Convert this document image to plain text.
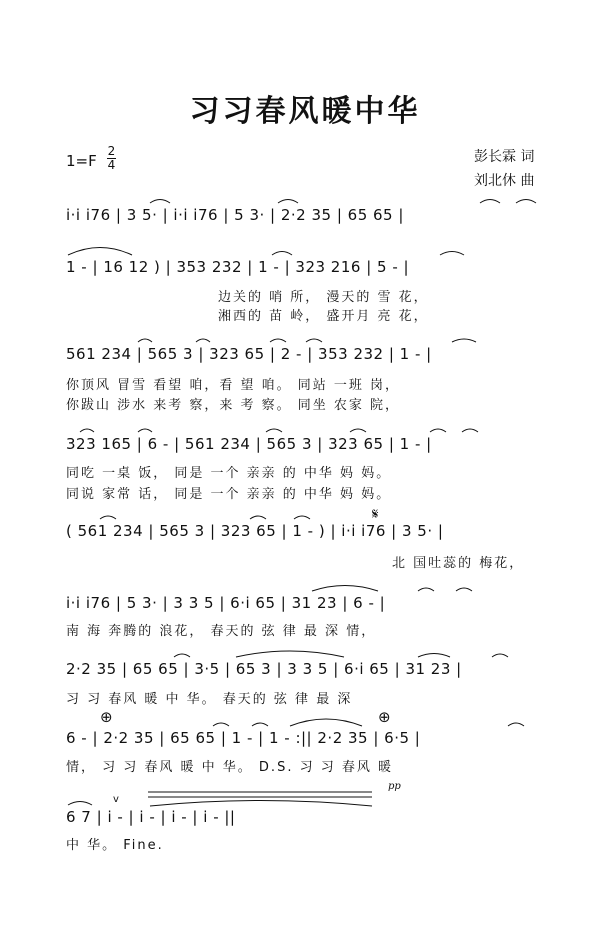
习习春风暖中华
1=F
2
4	彭长霖 词
刘北休 曲
i·i i76 | 3 5· | i·i i76 | 5 3· | 2·2 35 | 65 65 |
1 - | 16 12 ) | 353 232 | 1 - | 323 216 | 5 - |
边关的 哨 所， 漫天的 雪 花，
湘西的 苗 岭， 盛开月 亮 花，
561 234 | 565 3 | 323 65 | 2 - | 353 232 | 1 - |
你顶风 冒雪 看望 咱，看 望 咱。 同站 一班 岗，
你跋山 涉水 来考 察，来 考 察。 同坐 农家 院，
323 165 | 6 - | 561 234 | 565 3 | 323 65 | 1 - |
同吃 一桌 饭， 同是 一个 亲亲 的 中华 妈 妈。
同说 家常 话， 同是 一个 亲亲 的 中华 妈 妈。
𝄋
( 561 234 | 565 3 | 323 65 | 1 - ) | i·i i76 | 3 5· |
北 国吐蕊的 梅花，
i·i i76 | 5 3· | 3 3 5 | 6·i 65 | 31 23 | 6 - |
南 海 奔腾的 浪花， 春天的 弦 律 最 深 情，
2·2 35 | 65 65 | 3·5 | 65 3 | 3 3 5 | 6·i 65 | 31 23 |
习 习 春风 暖 中 华。 春天的 弦 律 最 深
⊕	⊕
6 - | 2·2 35 | 65 65 | 1 - | 1 - :|| 2·2 35 | 6·5 |
情， 习 习 春风 暖 中 华。 D.S. 习 习 春风 暖
v
pp
6 7 | i - | i - | i - | i - ||
中 华。 Fine.
